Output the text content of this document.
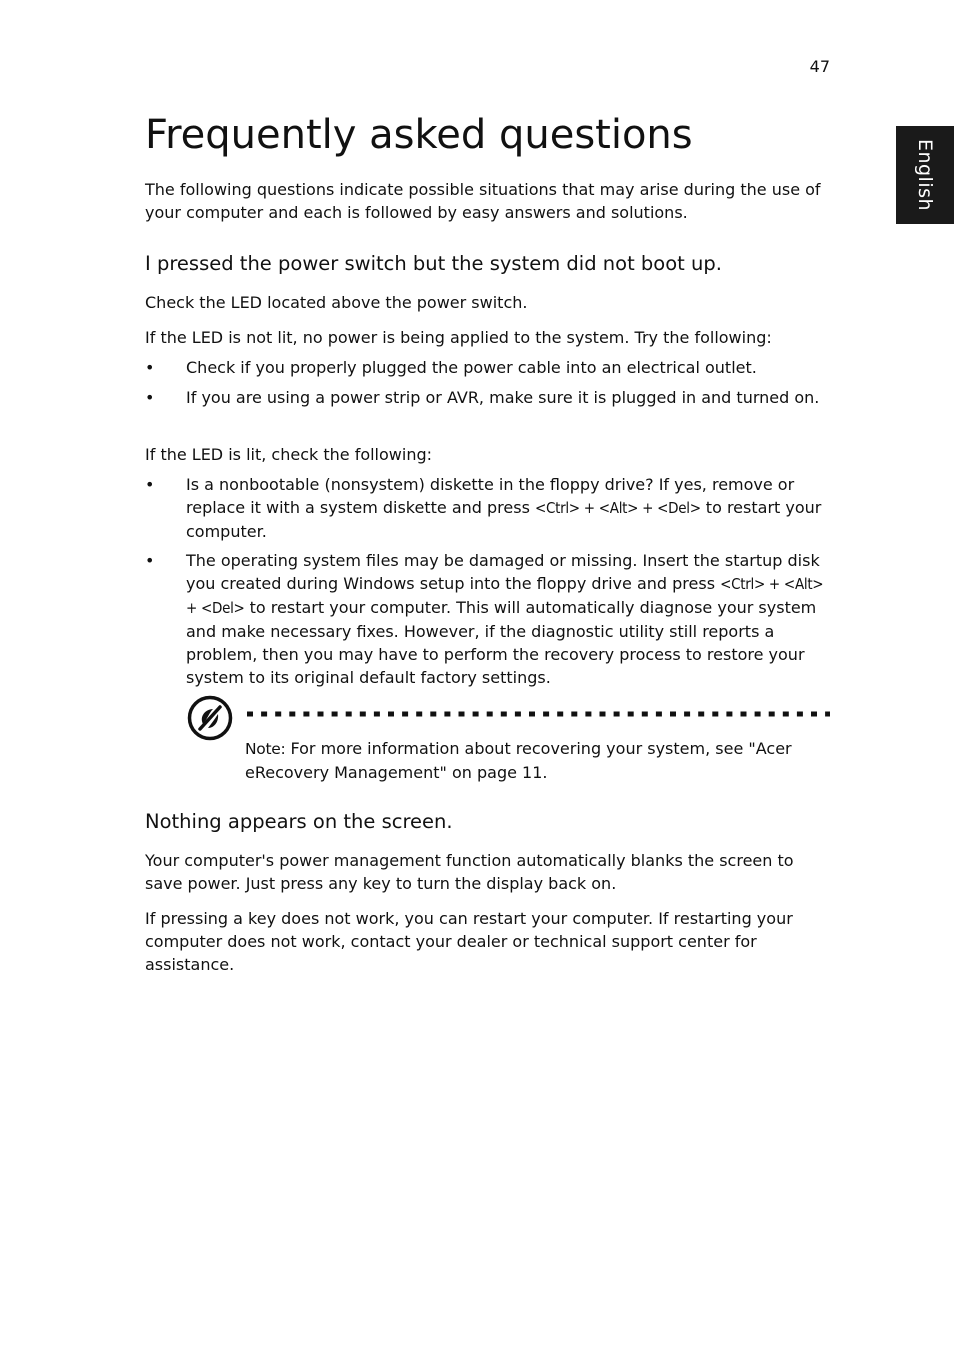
47
English
Frequently asked questions

The following questions indicate possible situations that may arise during the use of your computer and each is followed by easy answers and solutions.

I pressed the power switch but the system did not boot up.

Check the LED located above the power switch.

If the LED is not lit, no power is being applied to the system. Try the following:

• Check if you properly plugged the power cable into an electrical outlet.
• If you are using a power strip or AVR, make sure it is plugged in and turned on.

If the LED is lit, check the following:

• Is a nonbootable (nonsystem) diskette in the floppy drive? If yes, remove or replace it with a system diskette and press <Ctrl> + <Alt> + <Del> to restart your computer.
• The operating system files may be damaged or missing. Insert the startup disk you created during Windows setup into the floppy drive and press <Ctrl> + <Alt> + <Del> to restart your computer. This will automatically diagnose your system and make necessary fixes. However, if the diagnostic utility still reports a problem, then you may have to perform the recovery process to restore your system to its original default factory settings.
Nothing appears on the screen.

Your computer's power management function automatically blanks the screen to save power. Just press any key to turn the display back on.

If pressing a key does not work, you can restart your computer. If restarting your computer does not work, contact your dealer or technical support center for assistance.

Note: For more information about recovering your system, see "Acer eRecovery Management" on page 11.
